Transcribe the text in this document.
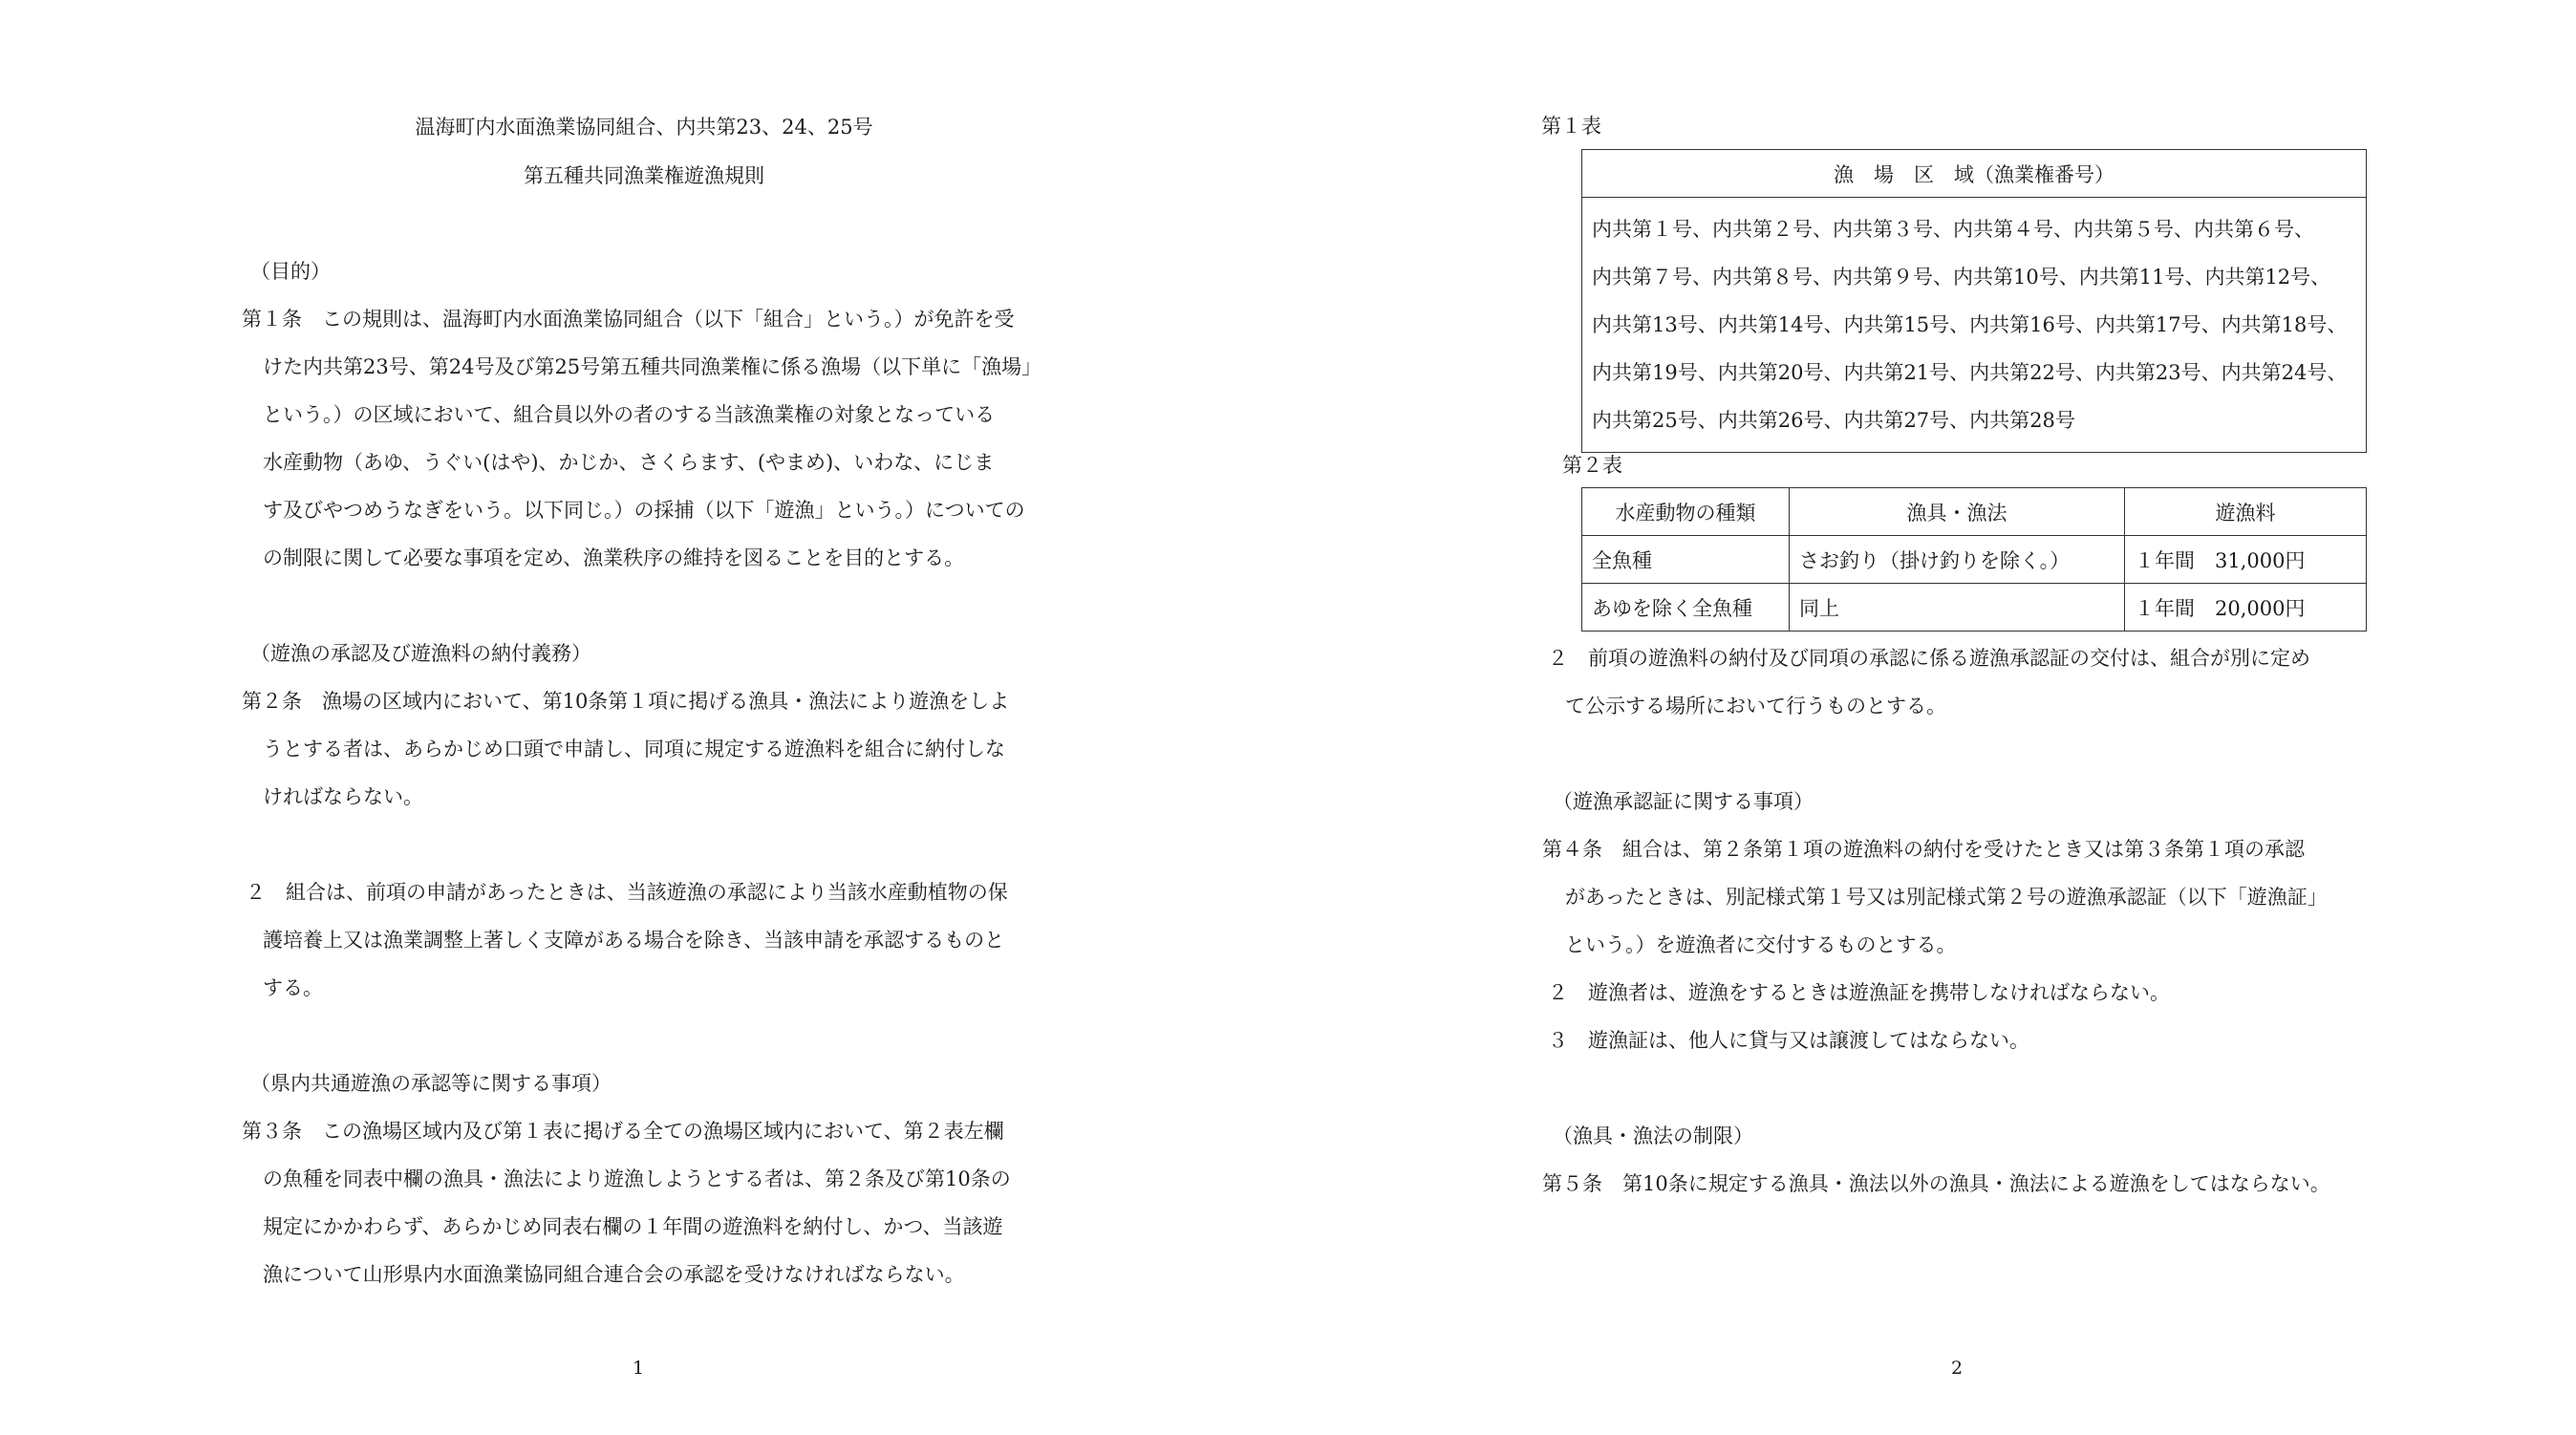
温海町内水面漁業協同組合、内共第23、24、25号
第五種共同漁業権遊漁規則
（目的）
第１条　この規則は、温海町内水面漁業協同組合（以下「組合」という。）が免許を受
けた内共第23号、第24号及び第25号第五種共同漁業権に係る漁場（以下単に「漁場」
という。）の区域において、組合員以外の者のする当該漁業権の対象となっている
水産動物（あゆ、うぐい(はや)、かじか、さくらます、(やまめ)、いわな、にじま
す及びやつめうなぎをいう。以下同じ。）の採捕（以下「遊漁」という。）についての
の制限に関して必要な事項を定め、漁業秩序の維持を図ることを目的とする。
（遊漁の承認及び遊漁料の納付義務）
第２条　漁場の区域内において、第10条第１項に掲げる漁具・漁法により遊漁をしよ
うとする者は、あらかじめ口頭で申請し、同項に規定する遊漁料を組合に納付しな
ければならない。
２　組合は、前項の申請があったときは、当該遊漁の承認により当該水産動植物の保
護培養上又は漁業調整上著しく支障がある場合を除き、当該申請を承認するものと
する。
（県内共通遊漁の承認等に関する事項）
第３条　この漁場区域内及び第１表に掲げる全ての漁場区域内において、第２表左欄
の魚種を同表中欄の漁具・漁法により遊漁しようとする者は、第２条及び第10条の
規定にかかわらず、あらかじめ同表右欄の１年間の遊漁料を納付し、かつ、当該遊
漁について山形県内水面漁業協同組合連合会の承認を受けなければならない。
1
第１表
漁　場　区　域（漁業権番号）

内共第１号、内共第２号、内共第３号、内共第４号、内共第５号、内共第６号、
内共第７号、内共第８号、内共第９号、内共第10号、内共第11号、内共第12号、
内共第13号、内共第14号、内共第15号、内共第16号、内共第17号、内共第18号、
内共第19号、内共第20号、内共第21号、内共第22号、内共第23号、内共第24号、
内共第25号、内共第26号、内共第27号、内共第28号
第２表
水産動物の種類	漁具・漁法	遊漁料
全魚種	さお釣り（掛け釣りを除く。）	１年間　31,000円
あゆを除く全魚種	同上	１年間　20,000円
２　前項の遊漁料の納付及び同項の承認に係る遊漁承認証の交付は、組合が別に定め
て公示する場所において行うものとする。
（遊漁承認証に関する事項）
第４条　組合は、第２条第１項の遊漁料の納付を受けたとき又は第３条第１項の承認
があったときは、別記様式第１号又は別記様式第２号の遊漁承認証（以下「遊漁証」
という。）を遊漁者に交付するものとする。
２　遊漁者は、遊漁をするときは遊漁証を携帯しなければならない。
３　遊漁証は、他人に貸与又は譲渡してはならない。
（漁具・漁法の制限）
第５条　第10条に規定する漁具・漁法以外の漁具・漁法による遊漁をしてはならない。
2
